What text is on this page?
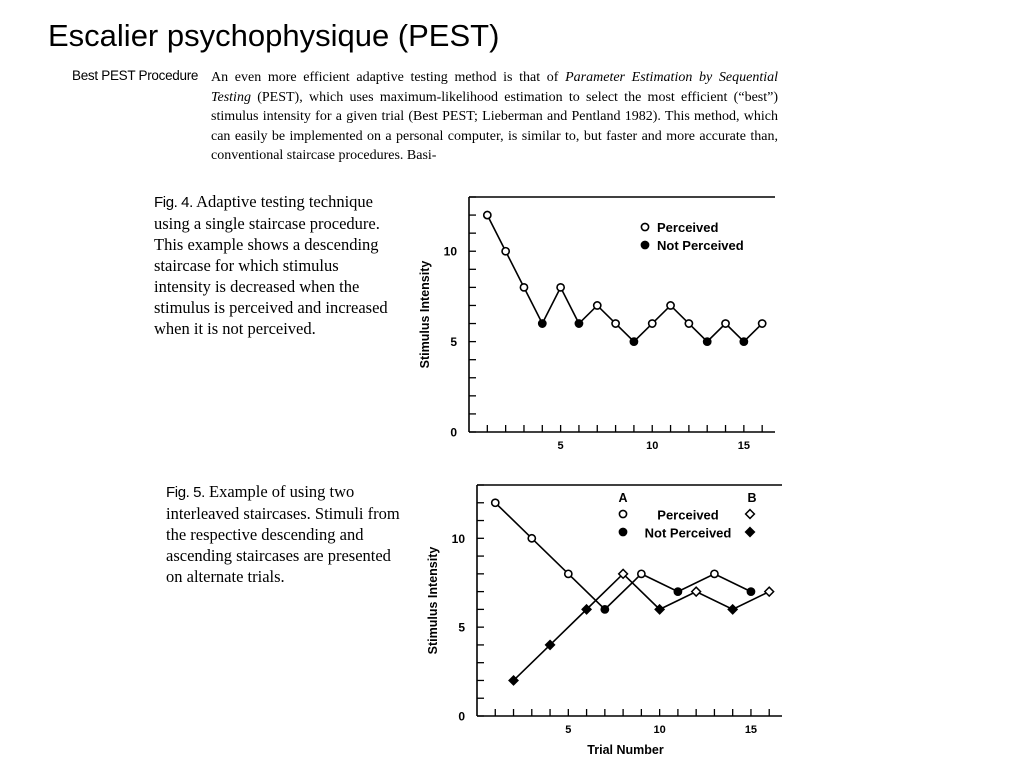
Escalier psychophysique (PEST)
Best PEST Procedure An even more efficient adaptive testing method is that of Parameter Estimation by Sequential Testing (PEST), which uses maximum-likelihood estimation to select the most efficient (“best”) stimulus intensity for a given trial (Best PEST; Lieberman and Pentland 1982). This method, which can easily be implemented on a personal computer, is similar to, but faster and more accurate than, conventional staircase procedures. Basi-

Fig. 4. Adaptive testing technique using a single staircase procedure. This example shows a descending staircase for which stimulus intensity is decreased when the stimulus is perceived and increased when it is not perceived.

Fig. 5. Example of using two interleaved staircases. Stimuli from the respective descending and ascending staircases are presented on alternate trials.

0
5
10
5	10	15
Stimulus Intensity
Perceived
Not Perceived
0
5
10
5	10	15
Stimulus Intensity
Trial Number
A	B
Perceived
Not Perceived
